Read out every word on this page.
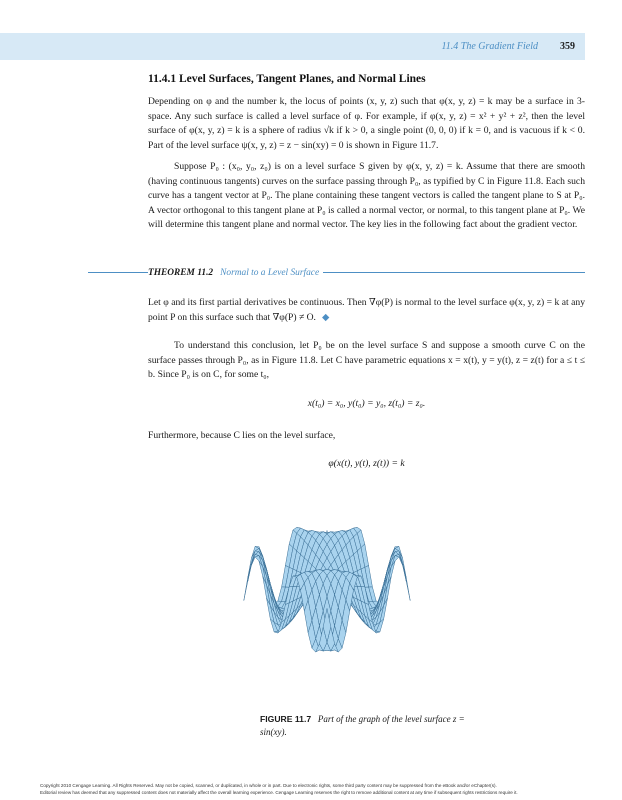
11.4 The Gradient Field 359
11.4.1 Level Surfaces, Tangent Planes, and Normal Lines

Depending on φ and the number k, the locus of points (x, y, z) such that φ(x, y, z) = k may be a surface in 3-space. Any such surface is called a level surface of φ. For example, if φ(x, y, z) = x² + y² + z², then the level surface of φ(x, y, z) = k is a sphere of radius √k if k > 0, a single point (0, 0, 0) if k = 0, and is vacuous if k < 0. Part of the level surface ψ(x, y, z) = z − sin(xy) = 0 is shown in Figure 11.7.

Suppose P₀ : (x₀, y₀, z₀) is on a level surface S given by φ(x, y, z) = k. Assume that there are smooth (having continuous tangents) curves on the surface passing through P₀, as typified by C in Figure 11.8. Each such curve has a tangent vector at P₀. The plane containing these tangent vectors is called the tangent plane to S at P₀. A vector orthogonal to this tangent plane at P₀ is called a normal vector, or normal, to this tangent plane at P₀. We will determine this tangent plane and normal vector. The key lies in the following fact about the gradient vector.

THEOREM 11.2 Normal to a Level Surface

Let φ and its first partial derivatives be continuous. Then ∇φ(P) is normal to the level surface φ(x, y, z) = k at any point P on this surface such that ∇φ(P) ≠ O. ◆

To understand this conclusion, let P₀ be on the level surface S and suppose a smooth curve C on the surface passes through P₀, as in Figure 11.8. Let C have parametric equations x = x(t), y = y(t), z = z(t) for a ≤ t ≤ b. Since P₀ is on C, for some t₀,

x(t₀) = x₀, y(t₀) = y₀, z(t₀) = z₀.

Furthermore, because C lies on the level surface,

φ(x(t), y(t), z(t)) = k
FIGURE 11.7 Part of the graph of the level surface z = sin(xy).
Copyright 2010 Cengage Learning. All Rights Reserved. May not be copied, scanned, or duplicated, in whole or in part. Due to electronic rights, some third party content may be suppressed from the eBook and/or eChapter(s).
Editorial review has deemed that any suppressed content does not materially affect the overall learning experience. Cengage Learning reserves the right to remove additional content at any time if subsequent rights restrictions require it.
